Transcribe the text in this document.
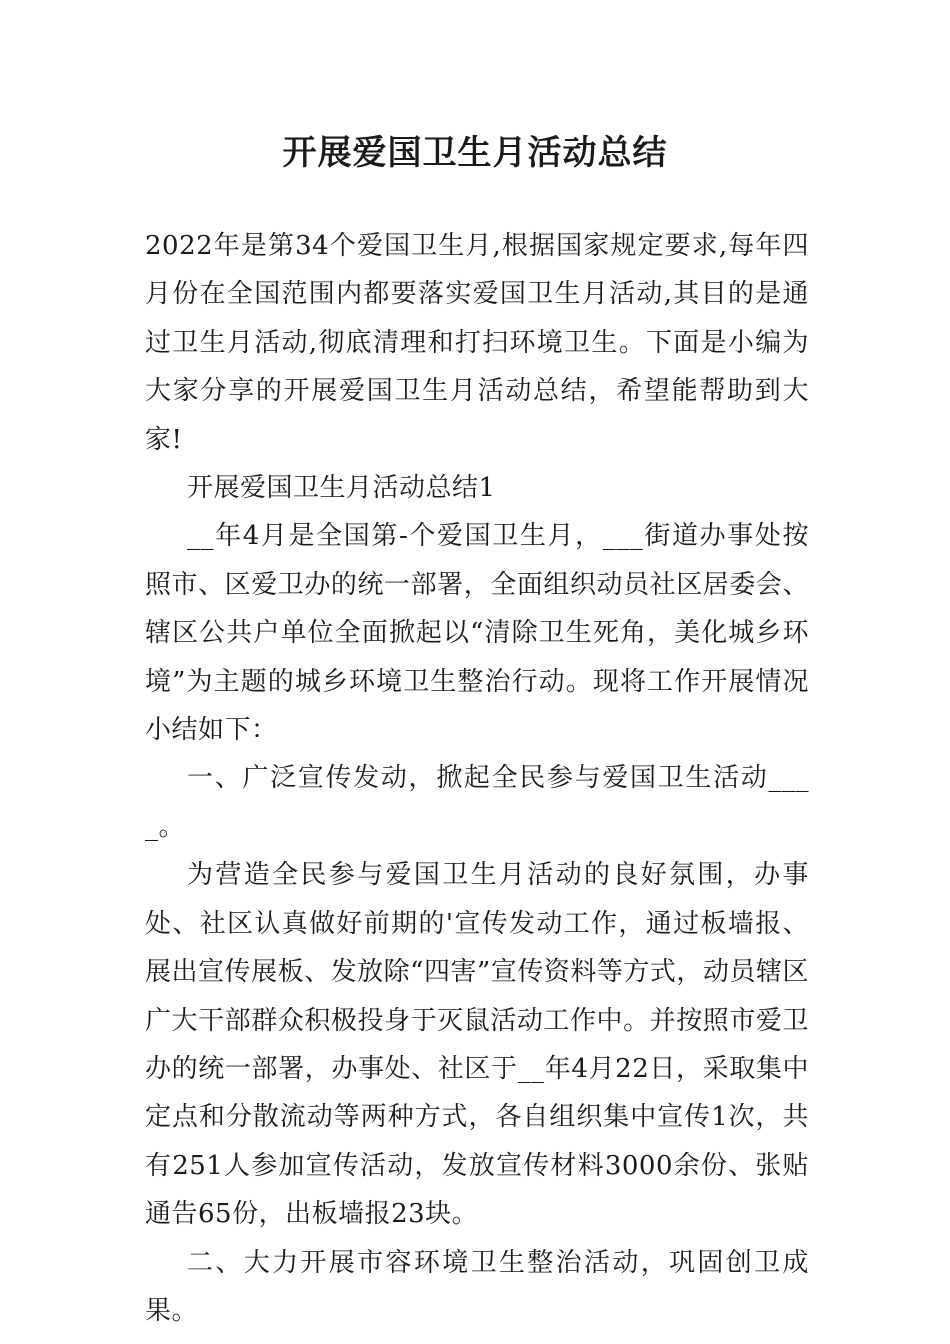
开展爱国卫生月活动总结

2022年是第34个爱国卫生月,根据国家规定要求,每年四月份在全国范围内都要落实爱国卫生月活动,其目的是通过卫生月活动,彻底清理和打扫环境卫生。下面是小编为大家分享的开展爱国卫生月活动总结，希望能帮助到大家!

开展爱国卫生月活动总结1

__年4月是全国第-个爱国卫生月，___街道办事处按照市、区爱卫办的统一部署，全面组织动员社区居委会、辖区公共户单位全面掀起以“清除卫生死角，美化城乡环境”为主题的城乡环境卫生整治行动。现将工作开展情况小结如下：

一、广泛宣传发动，掀起全民参与爱国卫生活动____。

为营造全民参与爱国卫生月活动的良好氛围，办事处、社区认真做好前期的'宣传发动工作，通过板墙报、展出宣传展板、发放除“四害”宣传资料等方式，动员辖区广大干部群众积极投身于灭鼠活动工作中。并按照市爱卫办的统一部署，办事处、社区于__年4月22日，采取集中定点和分散流动等两种方式，各自组织集中宣传1次，共有251人参加宣传活动，发放宣传材料3000余份、张贴通告65份，出板墙报23块。

二、大力开展市容环境卫生整治活动，巩固创卫成果。
